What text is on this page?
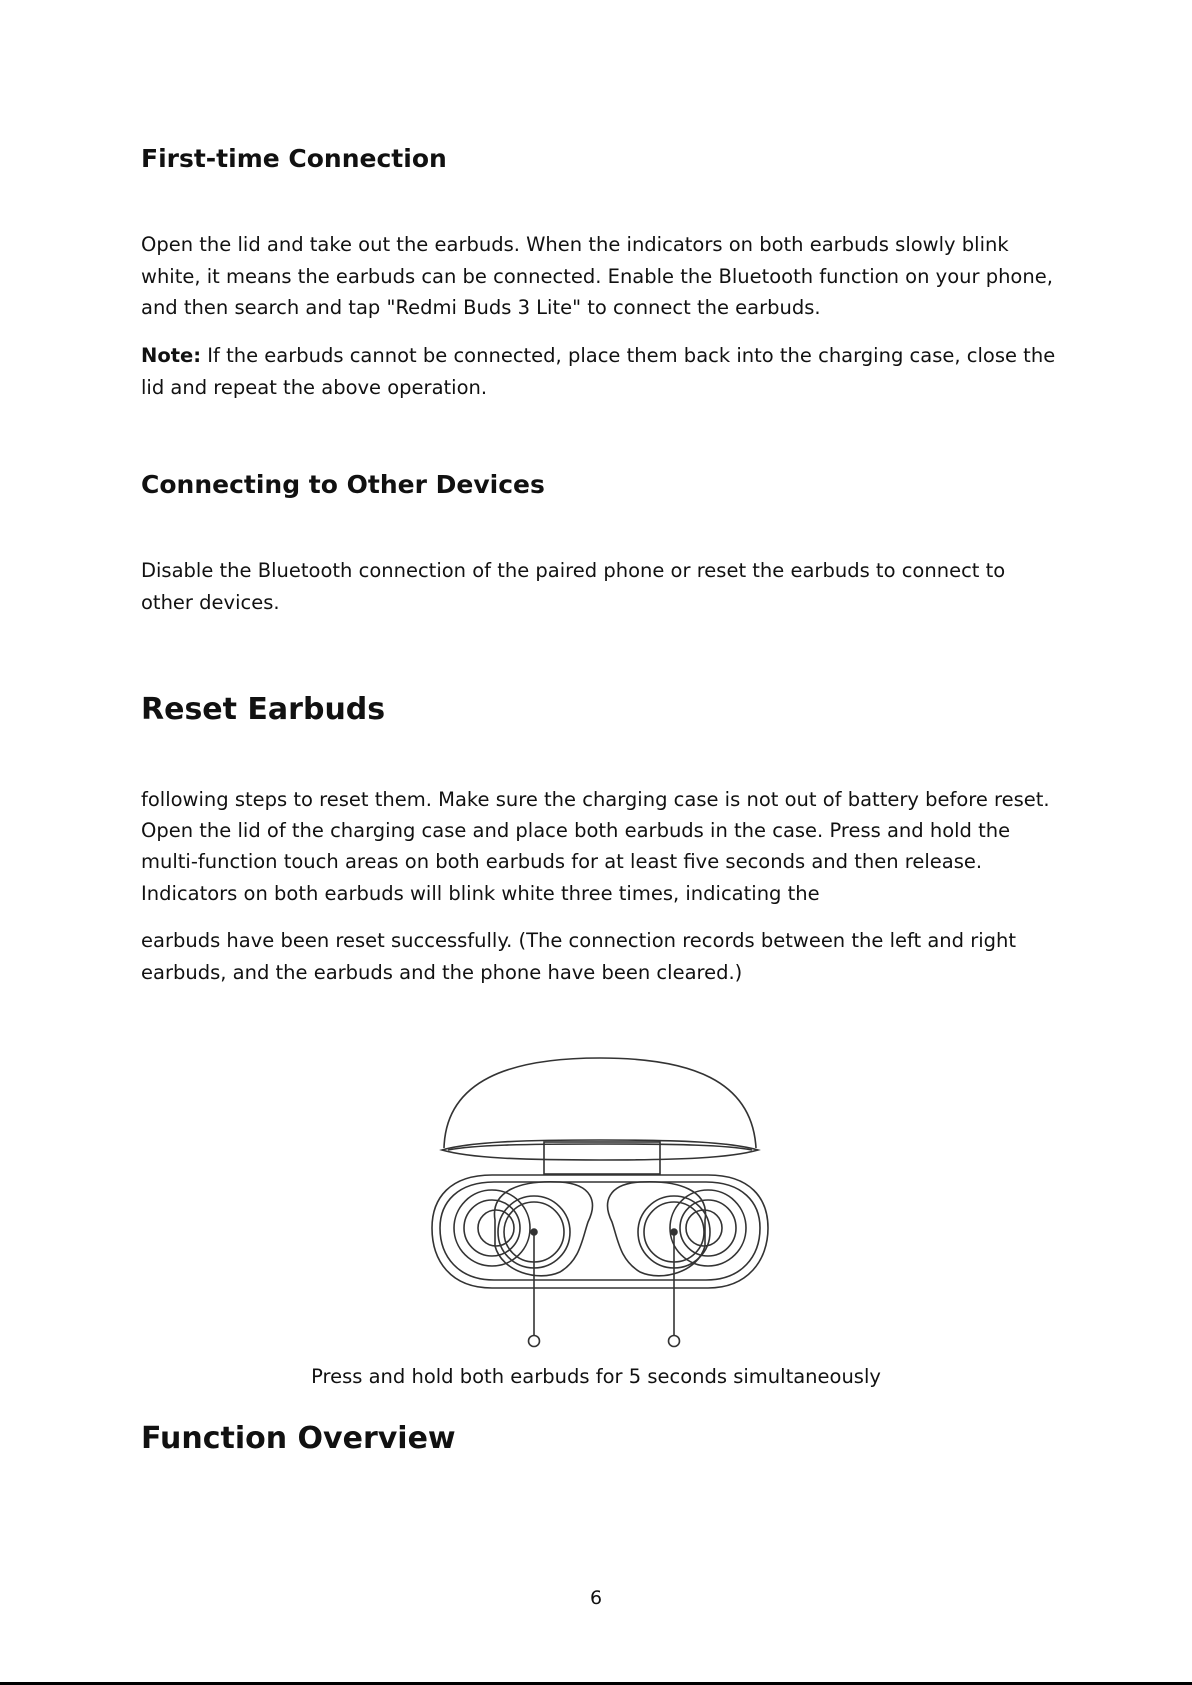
First-time Connection

Open the lid and take out the earbuds. When the indicators on both earbuds slowly blink

white, it means the earbuds can be connected. Enable the Bluetooth function on your phone,

and then search and tap "Redmi Buds 3 Lite" to connect the earbuds.

Note: If the earbuds cannot be connected, place them back into the charging case, close the

lid and repeat the above operation.

Connecting to Other Devices

Disable the Bluetooth connection of the paired phone or reset the earbuds to connect to

other devices.

Reset Earbuds

following steps to reset them. Make sure the charging case is not out of battery before reset.

Open the lid of the charging case and place both earbuds in the case. Press and hold the

multi-function touch areas on both earbuds for at least five seconds and then release.

Indicators on both earbuds will blink white three times, indicating the

earbuds have been reset successfully. (The connection records between the left and right

earbuds, and the earbuds and the phone have been cleared.)

Press and hold both earbuds for 5 seconds simultaneously

Function Overview
6
